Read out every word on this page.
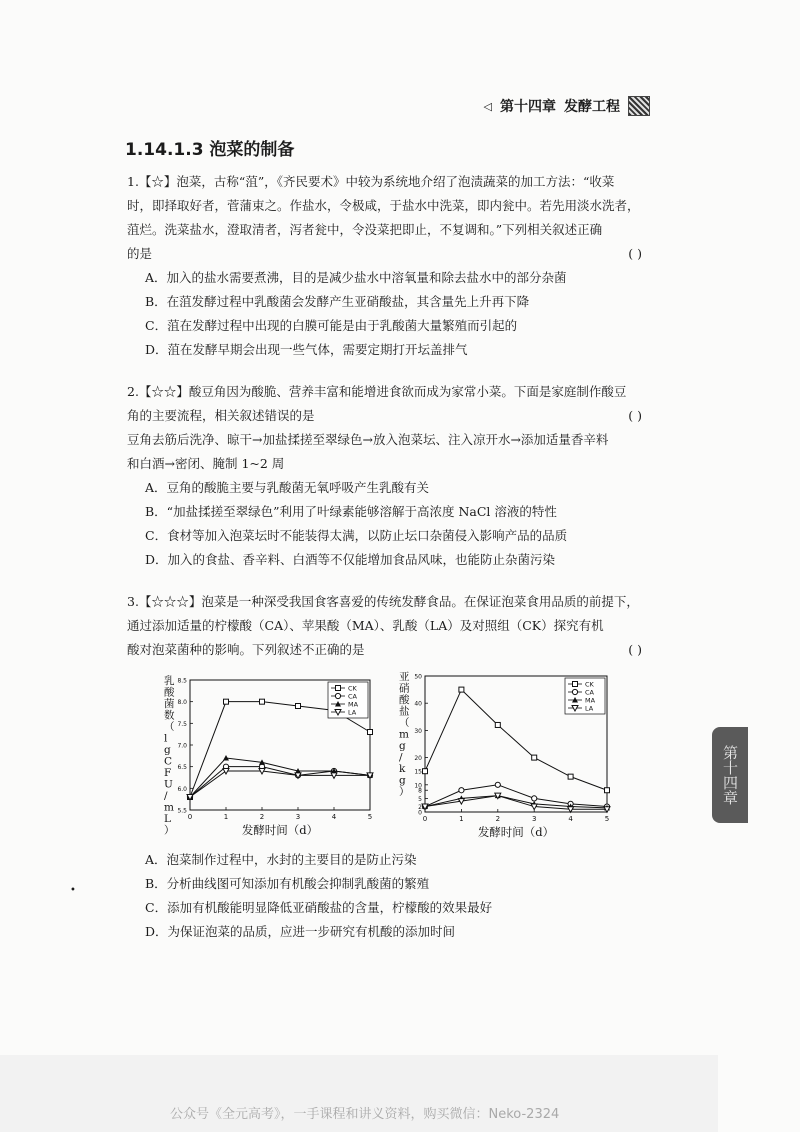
◁ 第十四章 发酵工程
1.14.1.3 泡菜的制备

1.【☆】泡菜，古称“菹”，《齐民要术》中较为系统地介绍了泡渍蔬菜的加工方法：“收菜

时，即择取好者，菅蒲束之。作盐水，令极咸，于盐水中洗菜，即内瓮中。若先用淡水洗者，

菹烂。洗菜盐水，澄取清者，泻者瓮中，令没菜把即止，不复调和。”下列相关叙述正确

的是	( )

A．加入的盐水需要煮沸，目的是减少盐水中溶氧量和除去盐水中的部分杂菌

B．在菹发酵过程中乳酸菌会发酵产生亚硝酸盐，其含量先上升再下降

C．菹在发酵过程中出现的白膜可能是由于乳酸菌大量繁殖而引起的

D．菹在发酵早期会出现一些气体，需要定期打开坛盖排气

2.【☆☆】酸豆角因为酸脆、营养丰富和能增进食欲而成为家常小菜。下面是家庭制作酸豆

角的主要流程，相关叙述错误的是	( )

豆角去筋后洗净、晾干→加盐揉搓至翠绿色→放入泡菜坛、注入凉开水→添加适量香辛料

和白酒→密闭、腌制 1~2 周

A．豆角的酸脆主要与乳酸菌无氧呼吸产生乳酸有关

B．“加盐揉搓至翠绿色”利用了叶绿素能够溶解于高浓度 NaCl 溶液的特性

C．食材等加入泡菜坛时不能装得太满，以防止坛口杂菌侵入影响产品的品质

D．加入的食盐、香辛料、白酒等不仅能增加食品风味，也能防止杂菌污染

3.【☆☆☆】泡菜是一种深受我国食客喜爱的传统发酵食品。在保证泡菜食用品质的前提下，

通过添加适量的柠檬酸（CA）、苹果酸（MA）、乳酸（LA）及对照组（CK）探究有机

酸对泡菜菌种的影响。下列叙述不正确的是	( )

5.5
6.0
6.5
7.0
7.5
8.0
8.5
0	1	2	3	4	5
发酵时间（d）
乳酸菌数（ l g C F U / m L ）
CK
CA
MA
LA
0
2
5
8
10
15
20
30
40
50
0	1	2	3	4	5
发酵时间（d）
亚硝酸盐（ m g / k g ）
CK
CA
MA
LA

A．泡菜制作过程中，水封的主要目的是防止污染

B．分析曲线图可知添加有机酸会抑制乳酸菌的繁殖

C．添加有机酸能明显降低亚硝酸盐的含量，柠檬酸的效果最好

D．为保证泡菜的品质，应进一步研究有机酸的添加时间

•
第十四章
公众号《全元高考》，一手课程和讲义资料，购买微信：Neko-2324
